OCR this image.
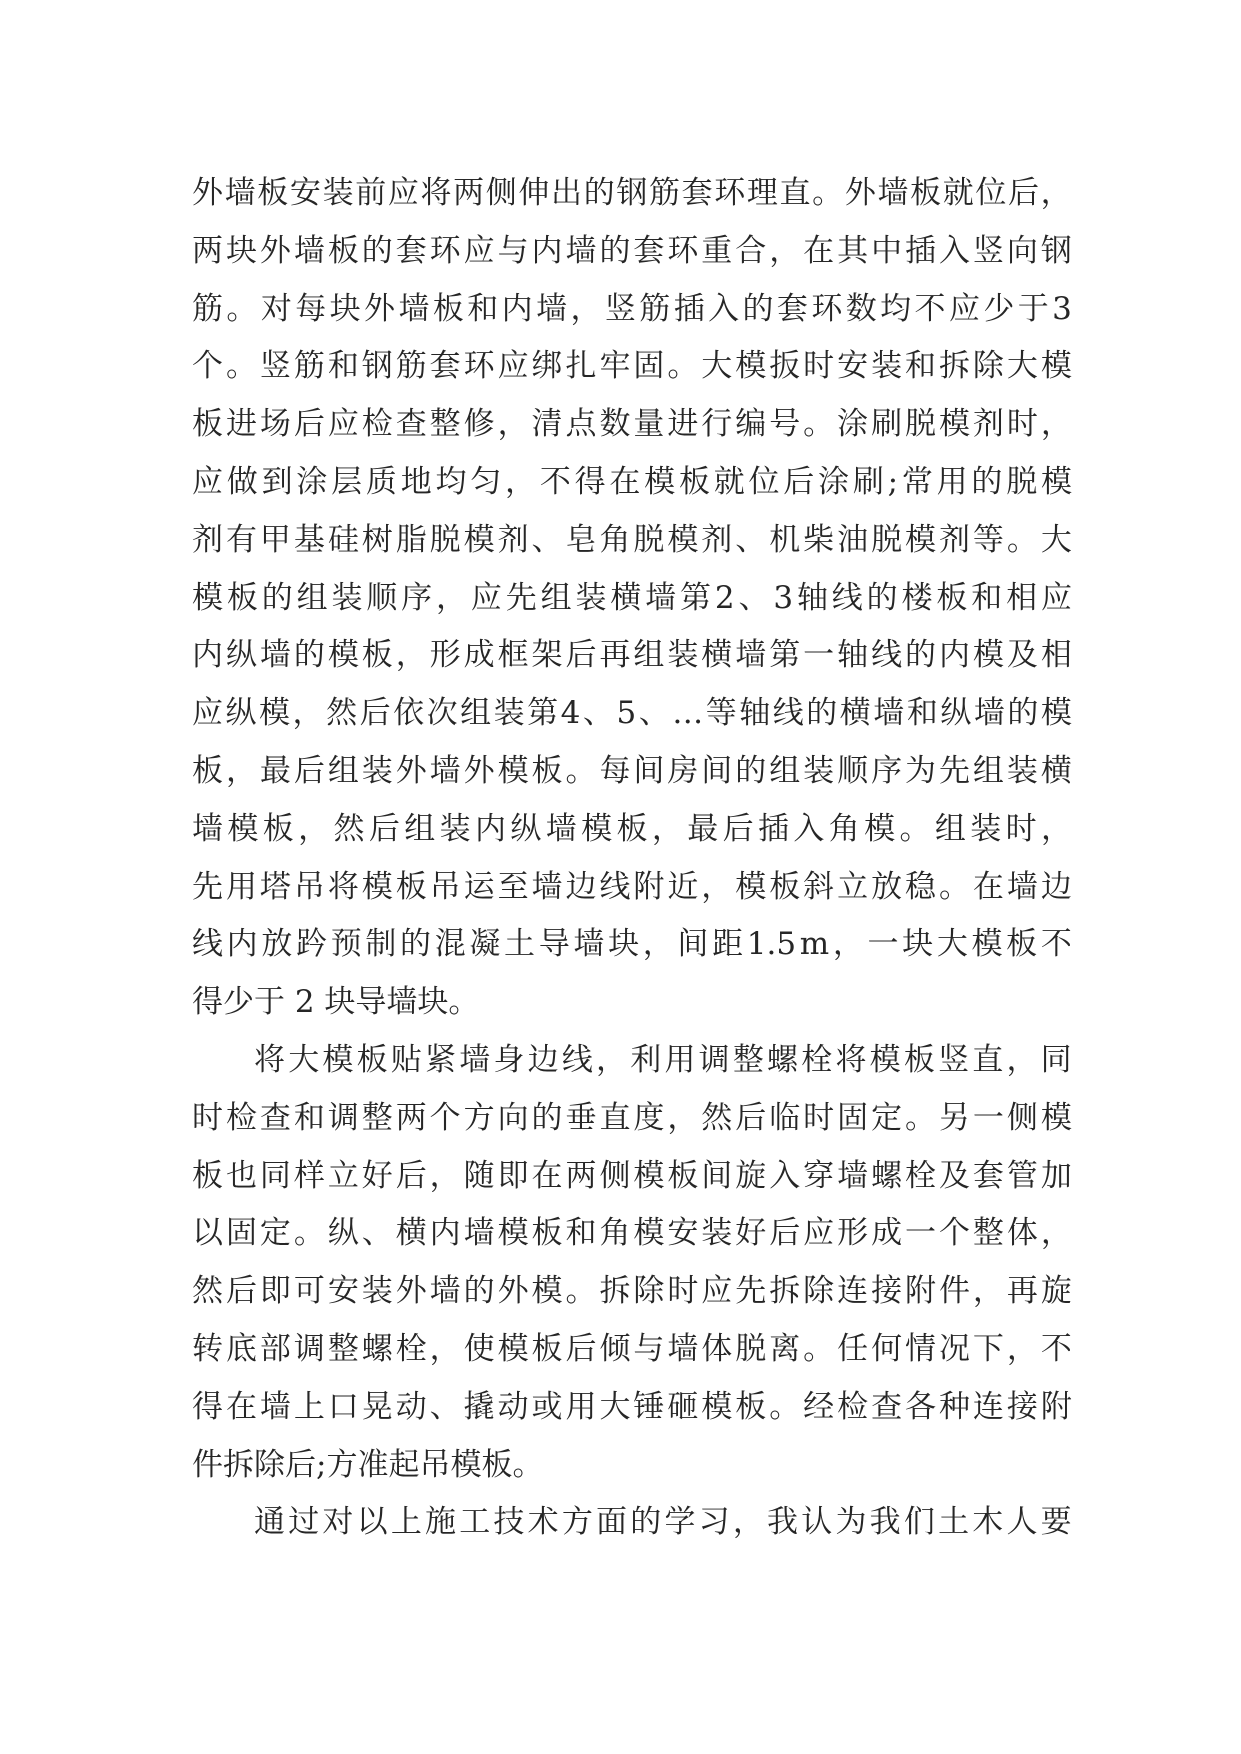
外 墙 板 安 装 前 应 将 两 侧 伸 出 的 钢 筋 套 环 理 直 。 外 墙 板 就 位 后 ，
两 块 外 墙 板 的 套 环 应 与 内 墙 的 套 环 重 合 ， 在 其 中 插 入 竖 向 钢
筋 。 对 每 块 外 墙 板 和 内 墙 ， 竖 筋 插 入 的 套 环 数 均 不 应 少 于 3
个 。 竖 筋 和 钢 筋 套 环 应 绑 扎 牢 固 。 大 模 扳 时 安 装 和 拆 除 大 模
板 进 场 后 应 检 查 整 修 ， 清 点 数 量 进 行 编 号 。 涂 刷 脱 模 剂 时 ，
应 做 到 涂 层 质 地 均 匀 ， 不 得 在 模 板 就 位 后 涂 刷 ; 常 用 的 脱 模
剂 有 甲 基 硅 树 脂 脱 模 剂 、 皂 角 脱 模 剂 、 机 柴 油 脱 模 剂 等 。 大
模 板 的 组 装 顺 序 ， 应 先 组 装 横 墙 第 2 、 3 轴 线 的 楼 板 和 相 应
内 纵 墙 的 模 板 ， 形 成 框 架 后 再 组 装 横 墙 第 一 轴 线 的 内 模 及 相
应 纵 模 ， 然 后 依 次 组 装 第 4 、 5 、 … 等 轴 线 的 横 墙 和 纵 墙 的 模
板 ， 最 后 组 装 外 墙 外 模 板 。 每 间 房 间 的 组 装 顺 序 为 先 组 装 横
墙 模 板 ， 然 后 组 装 内 纵 墙 模 板 ， 最 后 插 入 角 模 。 组 装 时 ，
先 用 塔 吊 将 模 板 吊 运 至 墙 边 线 附 近 ， 模 板 斜 立 放 稳 。 在 墙 边
线 内 放 趻 预 制 的 混 凝 土 导 墙 块 ， 间 距 1.5 m ， 一 块 大 模 板 不
得少于 2 块导墙块。
将 大 模 板 贴 紧 墙 身 边 线 ， 利 用 调 整 螺 栓 将 模 板 竖 直 ， 同
时 检 查 和 调 整 两 个 方 向 的 垂 直 度 ， 然 后 临 时 固 定 。 另 一 侧 模
板 也 同 样 立 好 后 ， 随 即 在 两 侧 模 板 间 旋 入 穿 墙 螺 栓 及 套 管 加
以 固 定 。 纵 、 横 内 墙 模 板 和 角 模 安 装 好 后 应 形 成 一 个 整 体 ，
然 后 即 可 安 装 外 墙 的 外 模 。 拆 除 时 应 先 拆 除 连 接 附 件 ， 再 旋
转 底 部 调 整 螺 栓 ， 使 模 板 后 倾 与 墙 体 脱 离 。 任 何 情 况 下 ， 不
得 在 墙 上 口 晃 动 、 撬 动 或 用 大 锤 砸 模 板 。 经 检 查 各 种 连 接 附
件拆除后;方准起吊模板。
通 过 对 以 上 施 工 技 术 方 面 的 学 习 ， 我 认 为 我 们 土 木 人 要
